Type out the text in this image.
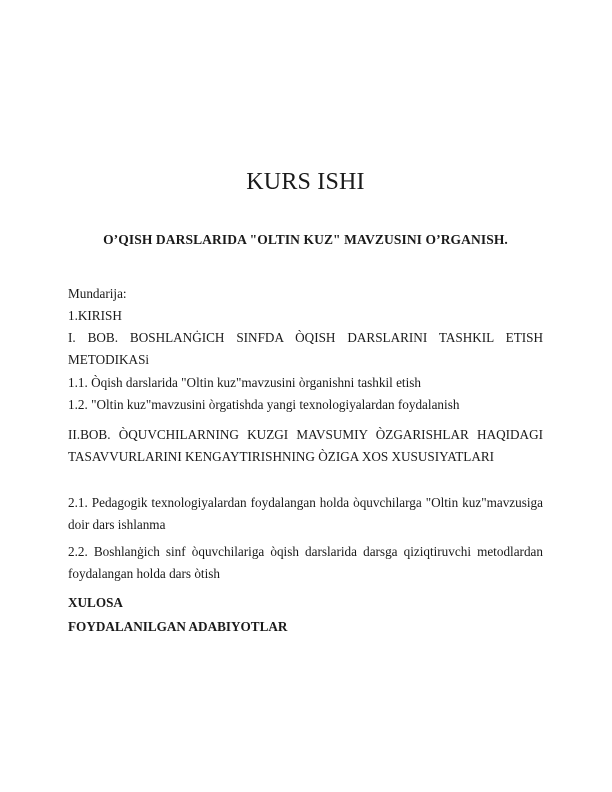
KURS ISHI

O’QISH DARSLARIDA "OLTIN KUZ" MAVZUSINI O’RGANISH.

Mundarija:

1.KIRISH

I. BOB. BOSHLANĠICH SINFDA ÒQISH DARSLARINI TASHKIL ETISH METODIKASi

1.1. Òqish darslarida "Oltin kuz"mavzusini òrganishni tashkil etish

1.2. "Oltin kuz"mavzusini òrgatishda yangi texnologiyalardan foydalanish

II.BOB. ÒQUVCHILARNING KUZGI MAVSUMIY ÒZGARISHLAR HAQIDAGI TASAVVURLARINI KENGAYTIRISHNING ÒZIGA XOS XUSUSIYATLARI

2.1. Pedagogik texnologiyalardan foydalangan holda òquvchilarga "Oltin kuz"mavzusiga doir dars ishlanma

2.2. Boshlanġich sinf òquvchilariga òqish darslarida darsga qiziqtiruvchi metodlardan foydalangan holda dars òtish

XULOSA

FOYDALANILGAN ADABIYOTLAR
